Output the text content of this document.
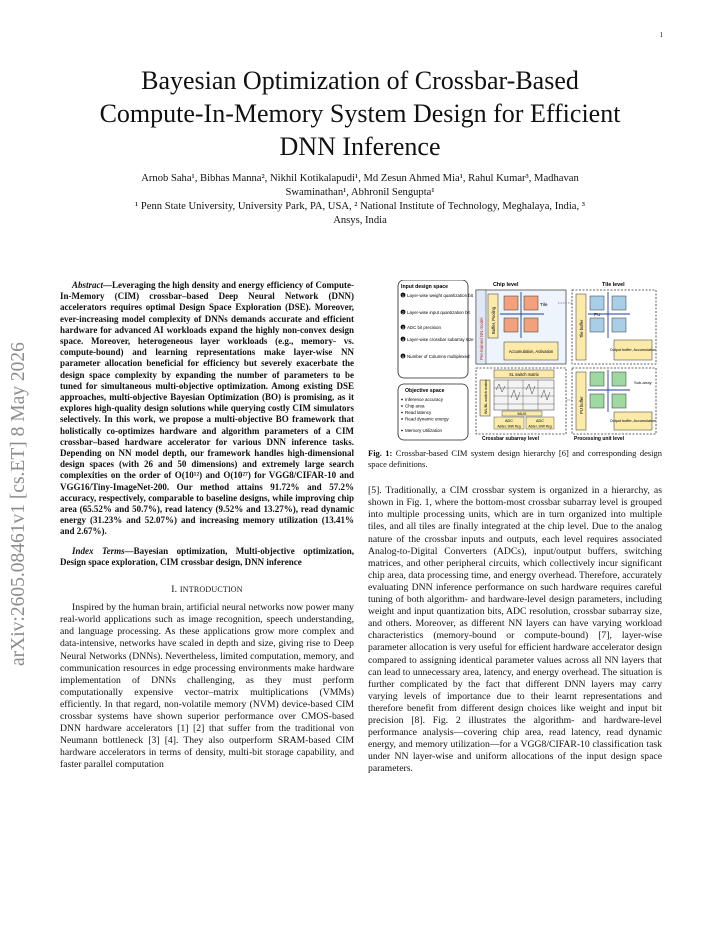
1
arXiv:2605.08461v1 [cs.ET] 8 May 2026
Bayesian Optimization of Crossbar-Based
Compute-In-Memory System Design for Efficient
DNN Inference
Arnob Saha¹, Bibhas Manna², Nikhil Kotikalapudi¹, Md Zesun Ahmed Mia¹, Rahul Kumar³, Madhavan
Swaminathan¹, Abhronil Sengupta¹
¹ Penn State University, University Park, PA, USA, ² National Institute of Technology, Meghalaya, India, ³
Ansys, India

Abstract—Leveraging the high density and energy efficiency of Compute-In-Memory (CIM) crossbar–based Deep Neural Network (DNN) accelerators requires optimal Design Space Exploration (DSE). Moreover, ever-increasing model complexity of DNNs demands accurate and efficient hardware for advanced AI workloads expand the highly non-convex design space. Moreover, heterogeneous layer workloads (e.g., memory- vs. compute-bound) and learning representations make layer-wise NN parameter allocation beneficial for efficiency but severely exacerbate the design space complexity by expanding the number of parameters to be tuned for simultaneous multi-objective optimization. Among existing DSE approaches, multi-objective Bayesian Optimization (BO) is promising, as it explores high-quality design solutions while querying costly CIM simulators selectively. In this work, we propose a multi-objective BO framework that holistically co-optimizes hardware and algorithm parameters of a CIM crossbar–based hardware accelerator for various DNN inference tasks. Depending on NN model depth, our framework handles high-dimensional design spaces (with 26 and 50 dimensions) and extremely large search complexities on the order of O(10¹²) and O(10²⁷) for VGG8/CIFAR-10 and VGG16/Tiny-ImageNet-200. Our method attains 91.72% and 57.2% accuracy, respectively, comparable to baseline designs, while improving chip area (65.52% and 50.7%), read latency (9.52% and 13.27%), read dynamic energy (31.23% and 52.07%) and increasing memory utilization (13.41% and 2.67%).

Index Terms—Bayesian optimization, Multi-objective optimization, Design space exploration, CIM crossbar design, DNN inference

I. INTRODUCTION

Inspired by the human brain, artificial neural networks now power many real-world applications such as image recognition, speech understanding, and language processing. As these applications grow more complex and data-intensive, networks have scaled in depth and size, giving rise to Deep Neural Networks (DNNs). Nevertheless, limited computation, memory, and communication resources in edge processing environments make hardware implementation of DNNs challenging, as they must perform computationally expensive vector–matrix multiplications (VMMs) efficiently. In that regard, non-volatile memory (NVM) device-based CIM crossbar systems have shown superior performance over CMOS-based DNN hardware accelerators [1] [2] that suffer from the traditional von Neumann bottleneck [3] [4]. They also outperform SRAM-based CIM hardware accelerators in terms of density, multi-bit storage capability, and faster parallel computation

Input design space
1 Layer-wise weight quantization bit
2 Layer-wise input quantization bit
3 ADC bit precision
4 Layer-wise crossbar subarray size
5 Number of Columns multiplexed
Objective space
Inference accuracy
Chip area
Read latency
Read dynamic energy
Memory Utilization
Chip level
Pre-trained NN model Buffer, Pooling
Tile
Accumulation, Activation
Tile level
Tile buffer
PU
Output buffer, Accumulation
SL switch matrix
WL/BL switch matrix	MUX
ADC
Adder, Shift Reg
ADC
Adder, Shift Reg
Crossbar subarray level
PU buffer
Sub-array
Output buffer, Accumulation
Processing unit level

Fig. 1: Crossbar-based CIM system design hierarchy [6] and corresponding design space definitions.

[5]. Traditionally, a CIM crossbar system is organized in a hierarchy, as shown in Fig. 1, where the bottom-most crossbar subarray level is grouped into multiple processing units, which are in turn organized into multiple tiles, and all tiles are finally integrated at the chip level. Due to the analog nature of the crossbar inputs and outputs, each level requires associated Analog-to-Digital Converters (ADCs), input/output buffers, switching matrices, and other peripheral circuits, which collectively incur significant chip area, data processing time, and energy overhead. Therefore, accurately evaluating DNN inference performance on such hardware requires careful tuning of both algorithm- and hardware-level design parameters, including weight and input quantization bits, ADC resolution, crossbar subarray size, and others. Moreover, as different NN layers can have varying workload characteristics (memory-bound or compute-bound) [7], layer-wise parameter allocation is very useful for efficient hardware accelerator design compared to assigning identical parameter values across all NN layers that can lead to unnecessary area, latency, and energy overhead. The situation is further complicated by the fact that different DNN layers may carry varying levels of importance due to their learnt representations and therefore benefit from different design choices like weight and input bit precision [8]. Fig. 2 illustrates the algorithm- and hardware-level performance analysis—covering chip area, read latency, read dynamic energy, and memory utilization—for a VGG8/CIFAR-10 classification task under NN layer-wise and uniform allocations of the input design space parameters.
